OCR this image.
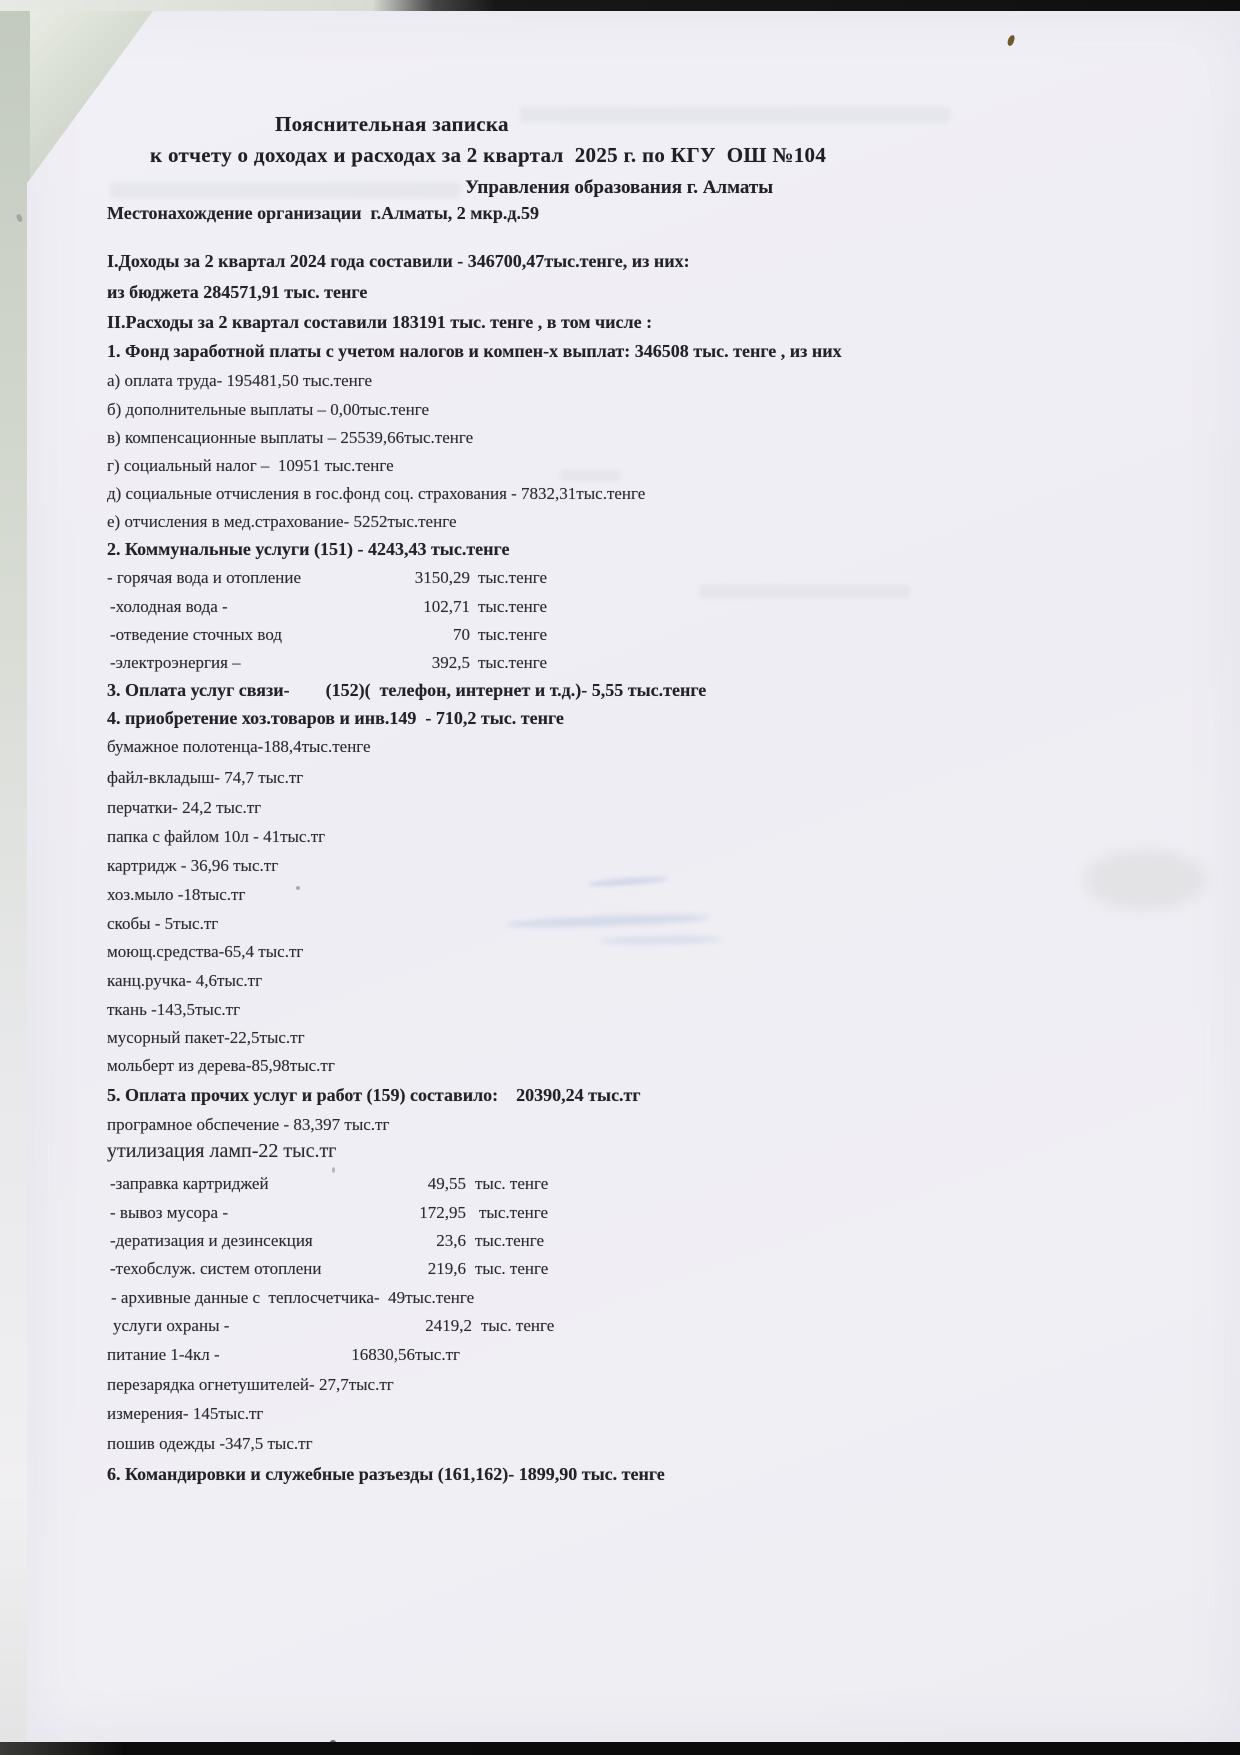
Пояснительная записка
к отчету о доходах и расходах за 2 квартал  2025 г. по КГУ  ОШ №104
Управления образования г. Алматы
Местонахождение организации  г.Алматы, 2 мкр.д.59
I.Доходы за 2 квартал 2024 года составили - 346700,47тыс.тенге, из них:
из бюджета 284571,91 тыс. тенге
II.Расходы за 2 квартал составили 183191 тыс. тенге , в том числе :
1. Фонд заработной платы с учетом налогов и компен-х выплат: 346508 тыс. тенге , из них
а) оплата труда- 195481,50 тыс.тенге
б) дополнительные выплаты – 0,00тыс.тенге
в) компенсационные выплаты – 25539,66тыс.тенге
г) социальный налог –  10951 тыс.тенге
д) социальные отчисления в гос.фонд соц. страхования - 7832,31тыс.тенге
е) отчисления в мед.страхование- 5252тыс.тенге
2. Коммунальные услуги (151) - 4243,43 тыс.тенге
- горячая вода и отопление	3150,29 тыс.тенге
-холодная вода -	102,71 тыс.тенге
-отведение сточных вод	70 тыс.тенге
-электроэнергия –	392,5 тыс.тенге
3. Оплата услуг связи-        (152)(  телефон, интернет и т.д.)- 5,55 тыс.тенге
4. приобретение хоз.товаров и инв.149  - 710,2 тыс. тенге
бумажное полотенца-188,4тыс.тенге
файл-вкладыш- 74,7 тыс.тг
перчатки- 24,2 тыс.тг
папка с файлом 10л - 41тыс.тг
картридж - 36,96 тыс.тг
хоз.мыло -18тыс.тг
скобы - 5тыс.тг
моющ.средства-65,4 тыс.тг
канц.ручка- 4,6тыс.тг
ткань -143,5тыс.тг
мусорный пакет-22,5тыс.тг
мольберт из дерева-85,98тыс.тг
5. Оплата прочих услуг и работ (159) составило:    20390,24 тыс.тг
програмное обспечение - 83,397 тыс.тг
утилизация ламп-22 тыс.тг
-заправка картриджей	49,55 тыс. тенге
- вывоз мусора -	172,95 тыс.тенге
-дератизация и дезинсекция	23,6 тыс.тенге
-техобслуж. систем отоплени	219,6 тыс. тенге
- архивные данные с  теплосчетчика-  49тыс.тенге
услуги охраны -	2419,2 тыс. тенге
питание 1-4кл -	16830,56тыс.тг
перезарядка огнетушителей- 27,7тыс.тг
измерения- 145тыс.тг
пошив одежды -347,5 тыс.тг
6. Командировки и служебные разъезды (161,162)- 1899,90 тыс. тенге
